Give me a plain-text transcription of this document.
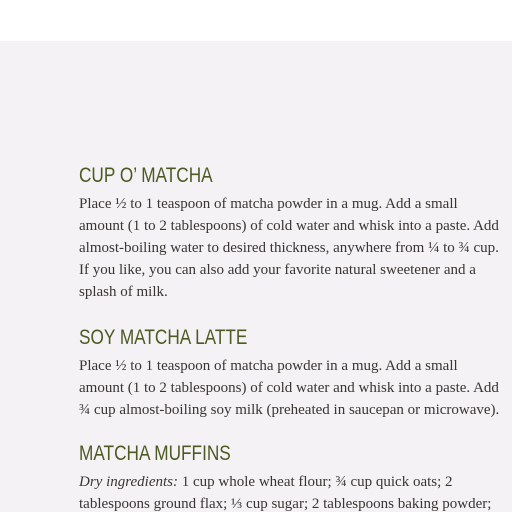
CUP O’ MATCHA
Place ½ to 1 teaspoon of matcha powder in a mug. Add a small
amount (1 to 2 tablespoons) of cold water and whisk into a paste. Add
almost-boiling water to desired thickness, anywhere from ¼ to ¾ cup.
If you like, you can also add your favorite natural sweetener and a
splash of milk.
SOY MATCHA LATTE
Place ½ to 1 teaspoon of matcha powder in a mug. Add a small
amount (1 to 2 tablespoons) of cold water and whisk into a paste. Add
¾ cup almost-boiling soy milk (preheated in saucepan or microwave).
MATCHA MUFFINS
Dry ingredients: 1 cup whole wheat flour; ¾ cup quick oats; 2
tablespoons ground flax; ⅓ cup sugar; 2 tablespoons baking powder;
